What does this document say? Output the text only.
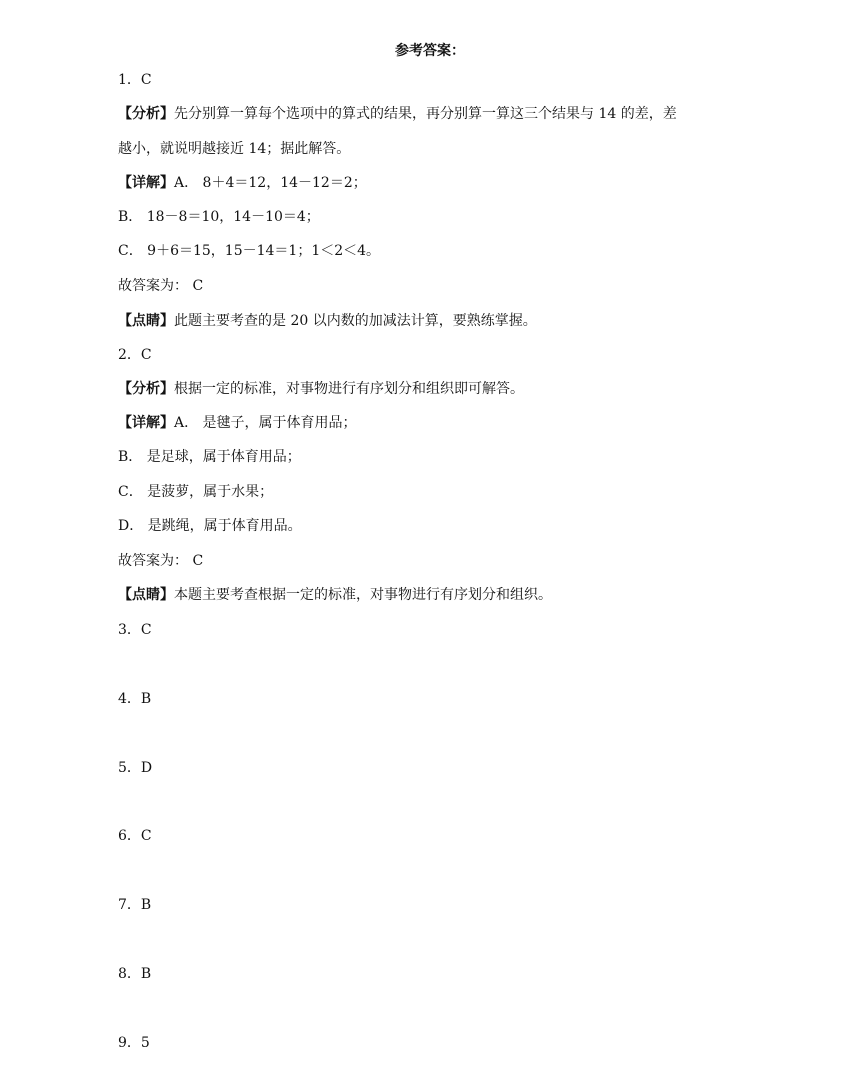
参考答案：
1．C
【分析】先分别算一算每个选项中的算式的结果，再分别算一算这三个结果与 14 的差，差
越小，就说明越接近 14；据此解答。
【详解】A． 8＋4＝12，14－12＝2；
B． 18－8＝10，14－10＝4；
C． 9＋6＝15，15－14＝1；1＜2＜4。
故答案为： C
【点睛】此题主要考查的是 20 以内数的加减法计算，要熟练掌握。
2．C
【分析】根据一定的标准，对事物进行有序划分和组织即可解答。
【详解】A． 是毽子，属于体育用品；
B． 是足球，属于体育用品；
C． 是菠萝，属于水果；
D． 是跳绳，属于体育用品。
故答案为： C
【点睛】本题主要考查根据一定的标准，对事物进行有序划分和组织。
3．C
4．B
5．D
6．C
7．B
8．B
9．5
